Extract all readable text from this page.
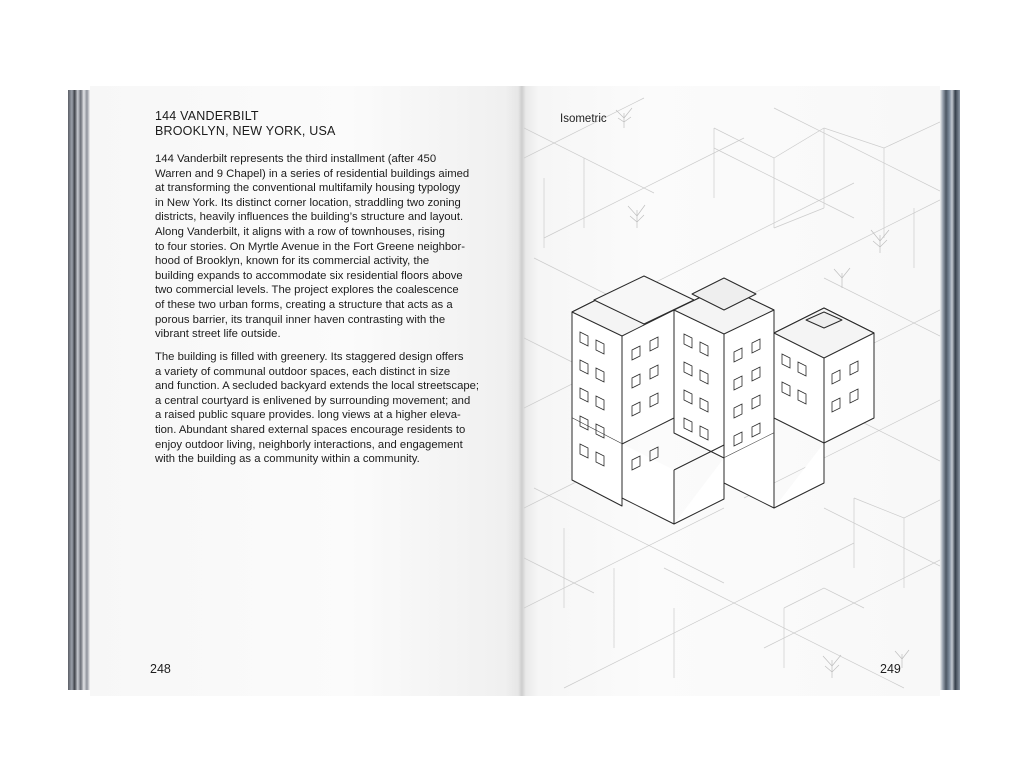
144 VANDERBILT
BROOKLYN, NEW YORK, USA
144 Vanderbilt represents the third installment (after 450
Warren and 9 Chapel) in a series of residential buildings aimed
at transforming the conventional multifamily housing typology
in New York. Its distinct corner location, straddling two zoning
districts, heavily influences the building’s structure and layout.
Along Vanderbilt, it aligns with a row of townhouses, rising
to four stories. On Myrtle Avenue in the Fort Greene neighbor-
hood of Brooklyn, known for its commercial activity, the
building expands to accommodate six residential floors above
two commercial levels. The project explores the coalescence
of these two urban forms, creating a structure that acts as a
porous barrier, its tranquil inner haven contrasting with the
vibrant street life outside.
The building is filled with greenery. Its staggered design offers
a variety of communal outdoor spaces, each distinct in size
and function. A secluded backyard extends the local streetscape;
a central courtyard is enlivened by surrounding movement; and
a raised public square provides. long views at a higher eleva-
tion. Abundant shared external spaces encourage residents to
enjoy outdoor living, neighborly interactions, and engagement
with the building as a community within a community.
248
Isometric
249
